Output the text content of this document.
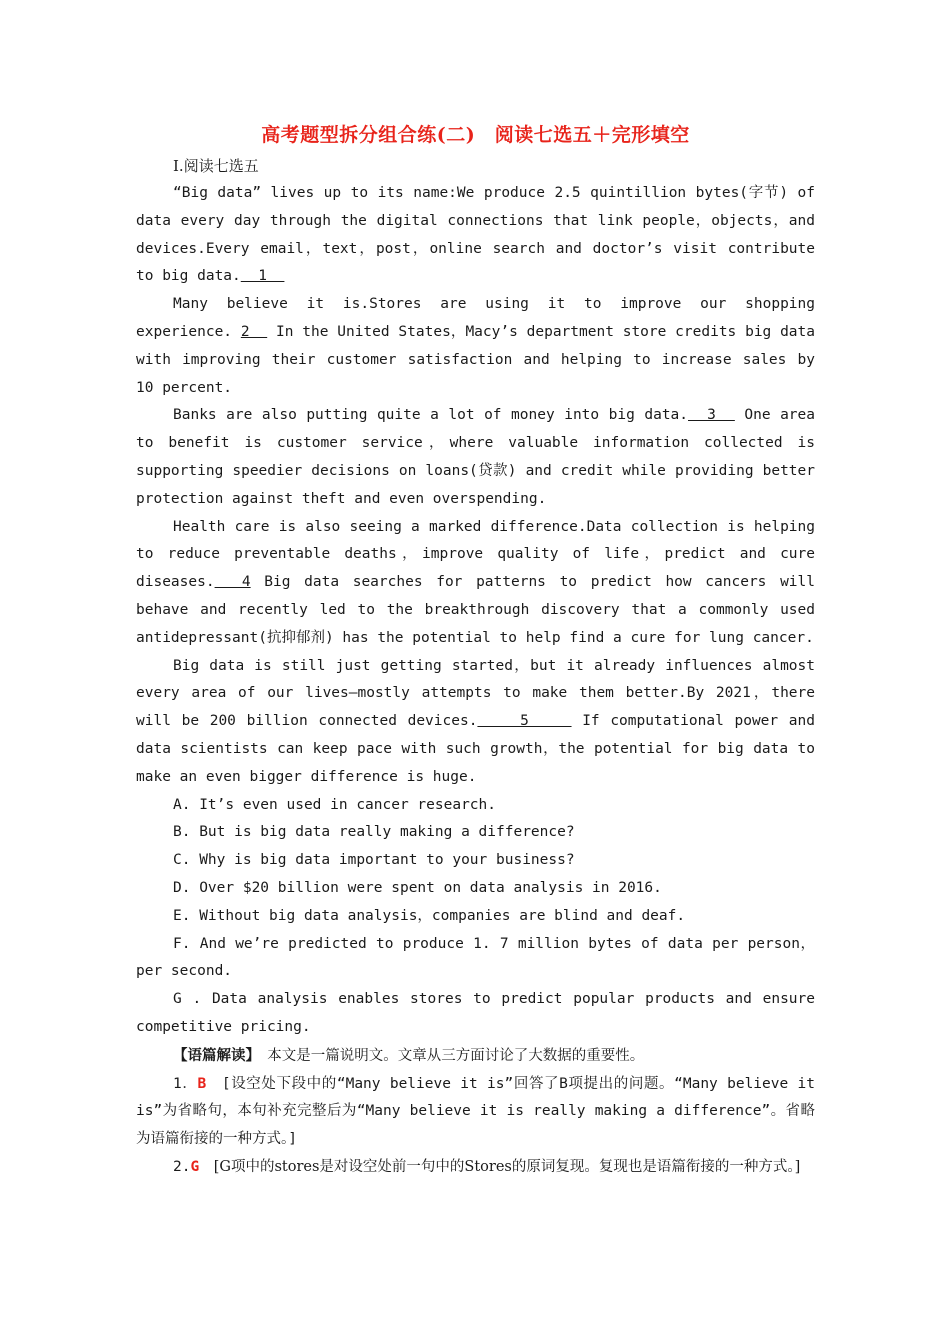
高考题型拆分组合练(二)　阅读七选五＋完形填空
Ⅰ.阅读七选五

“Big data” lives up to its name:We produce 2.5 quintillion bytes(字节) of data every day through the digital connections that link people，objects，and devices.Every email，text，post，online search and doctor’s visit contribute to big data.  1

Many believe it is.Stores are using it to improve our shopping experience. 2   In the United States，Macy’s department store credits big data with improving their customer satisfaction and helping to increase sales by 10 percent.

Banks are also putting quite a lot of money into big data.  3   One area to benefit is customer service，where valuable information collected is supporting speedier decisions on loans(贷款) and credit while providing better protection against theft and even overspending.

Health care is also seeing a marked difference.Data collection is helping to reduce preventable deaths，improve quality of life，predict and cure diseases.  4 Big data searches for patterns to predict how cancers will behave and recently led to the breakthrough discovery that a commonly used antidepressant(抗抑郁剂) has the potential to help find a cure for lung cancer.

Big data is still just getting started，but it already influences almost every area of our lives—mostly attempts to make them better.By 2021，there will be 200 billion connected devices.    5     If computational power and data scientists can keep pace with such growth，the potential for big data to make an even bigger difference is huge.

A. It’s even used in cancer research.

B. But is big data really making a difference?

C. Why is big data important to your business?

D. Over $20 billion were spent on data analysis in 2016.

E. Without big data analysis，companies are blind and deaf.

F. And we’re predicted to produce 1. 7 million bytes of data per person，per second.

G . Data analysis enables stores to predict popular products and ensure competitive pricing.

【语篇解读】　本文是一篇说明文。文章从三方面讨论了大数据的重要性。

1．B　[设空处下段中的“Many believe it is”回答了B项提出的问题。“Many believe it is”为省略句，本句补充完整后为“Many believe it is really making a difference”。省略为语篇衔接的一种方式。]

2.G　[G项中的stores是对设空处前一句中的Stores的原词复现。复现也是语篇衔接的一种方式。]
